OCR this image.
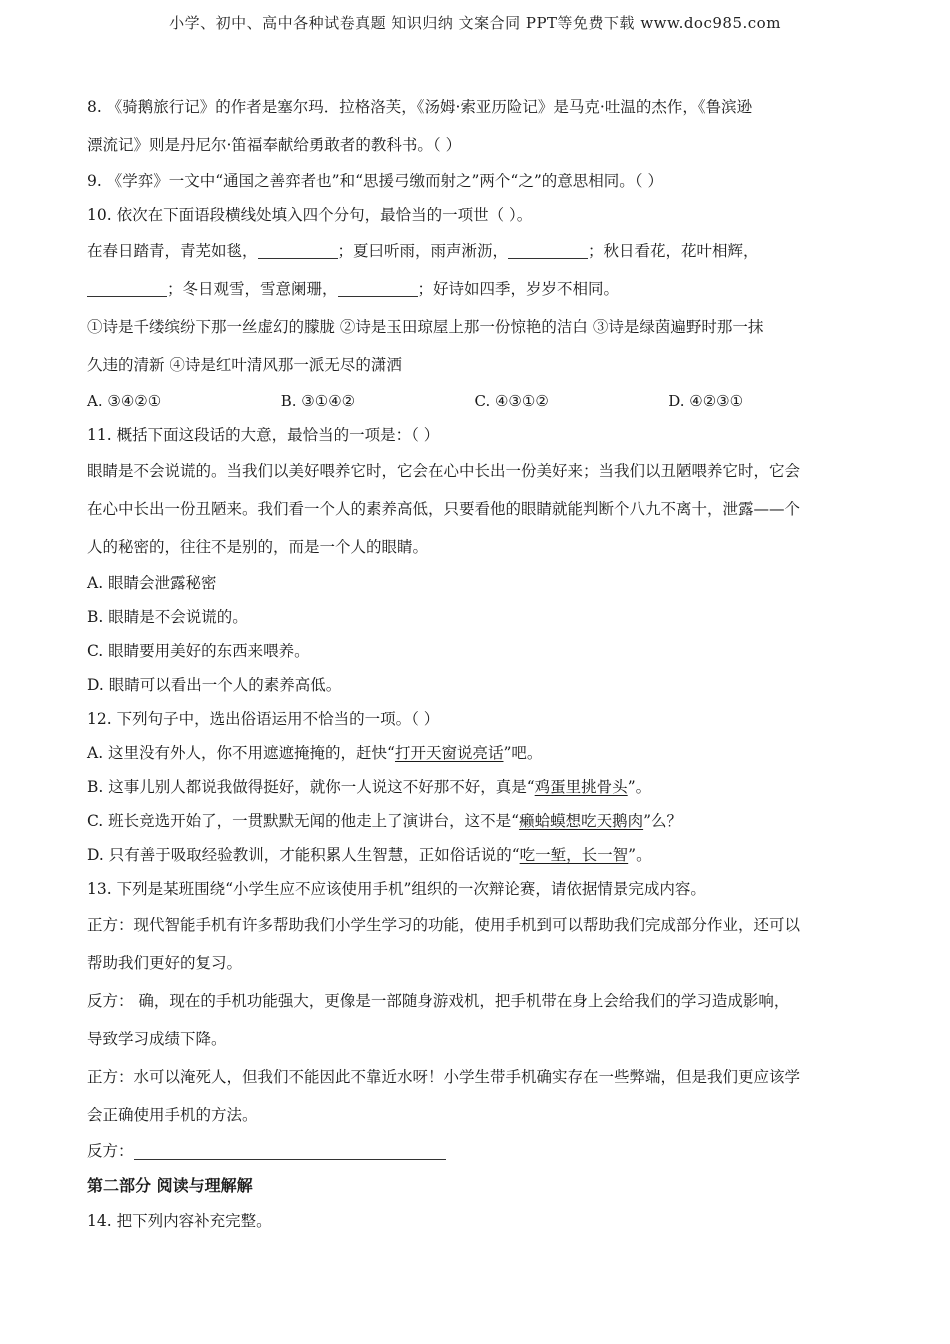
小学、初中、高中各种试卷真题 知识归纳 文案合同 PPT等免费下载 www.doc985.com

8. 《骑鹅旅行记》的作者是塞尔玛．拉格洛芙，《汤姆·索亚历险记》是马克·吐温的杰作，《鲁滨逊

漂流记》则是丹尼尔·笛福奉献给勇敢者的教科书。（ ）

9. 《学弈》一文中“通国之善弈者也”和“思援弓缴而射之”两个“之”的意思相同。（ ）

10. 依次在下面语段横线处填入四个分句，最恰当的一项世（ ）。

在春日踏青，青芜如毯，	；夏曰听雨，雨声淅沥，	；秋日看花，花叶相辉，

；冬日观雪，雪意阑珊，	；好诗如四季，岁岁不相同。

①诗是千缕缤纷下那一丝虚幻的朦胧 ②诗是玉田琼屋上那一份惊艳的洁白 ③诗是绿茵遍野时那一抹

久违的清新 ④诗是红叶清风那一派无尽的潇洒

A. ③④②①	B. ③①④②	C. ④③①②	D. ④②③①

11. 概括下面这段话的大意，最恰当的一项是：（ ）

眼睛是不会说谎的。当我们以美好喂养它时，它会在心中长出一份美好来；当我们以丑陋喂养它时，它会

在心中长出一份丑陋来。我们看一个人的素养高低，只要看他的眼睛就能判断个八九不离十，泄露——个

人的秘密的，往往不是别的，而是一个人的眼睛。

A. 眼睛会泄露秘密

B. 眼睛是不会说谎的。

C. 眼睛要用美好的东西来喂养。

D. 眼睛可以看出一个人的素养高低。

12. 下列句子中，选出俗语运用不恰当的一项。（ ）

A. 这里没有外人，你不用遮遮掩掩的，赶快“打开天窗说亮话”吧。

B. 这事儿别人都说我做得挺好，就你一人说这不好那不好，真是“鸡蛋里挑骨头”。

C. 班长竞选开始了，一贯默默无闻的他走上了演讲台，这不是“癞蛤蟆想吃天鹅肉”么？

D. 只有善于吸取经验教训，才能积累人生智慧，正如俗话说的“吃一堑，长一智”。

13. 下列是某班围绕“小学生应不应该使用手机”组织的一次辩论赛，请依据情景完成内容。

正方：现代智能手机有许多帮助我们小学生学习的功能，使用手机到可以帮助我们完成部分作业，还可以

帮助我们更好的复习。

反方： 确，现在的手机功能强大，更像是一部随身游戏机，把手机带在身上会给我们的学习造成影响，

导致学习成绩下降。

正方：水可以淹死人，但我们不能因此不靠近水呀！小学生带手机确实存在一些弊端，但是我们更应该学

会正确使用手机的方法。

反方：

第二部分 阅读与理解解

14. 把下列内容补充完整。
